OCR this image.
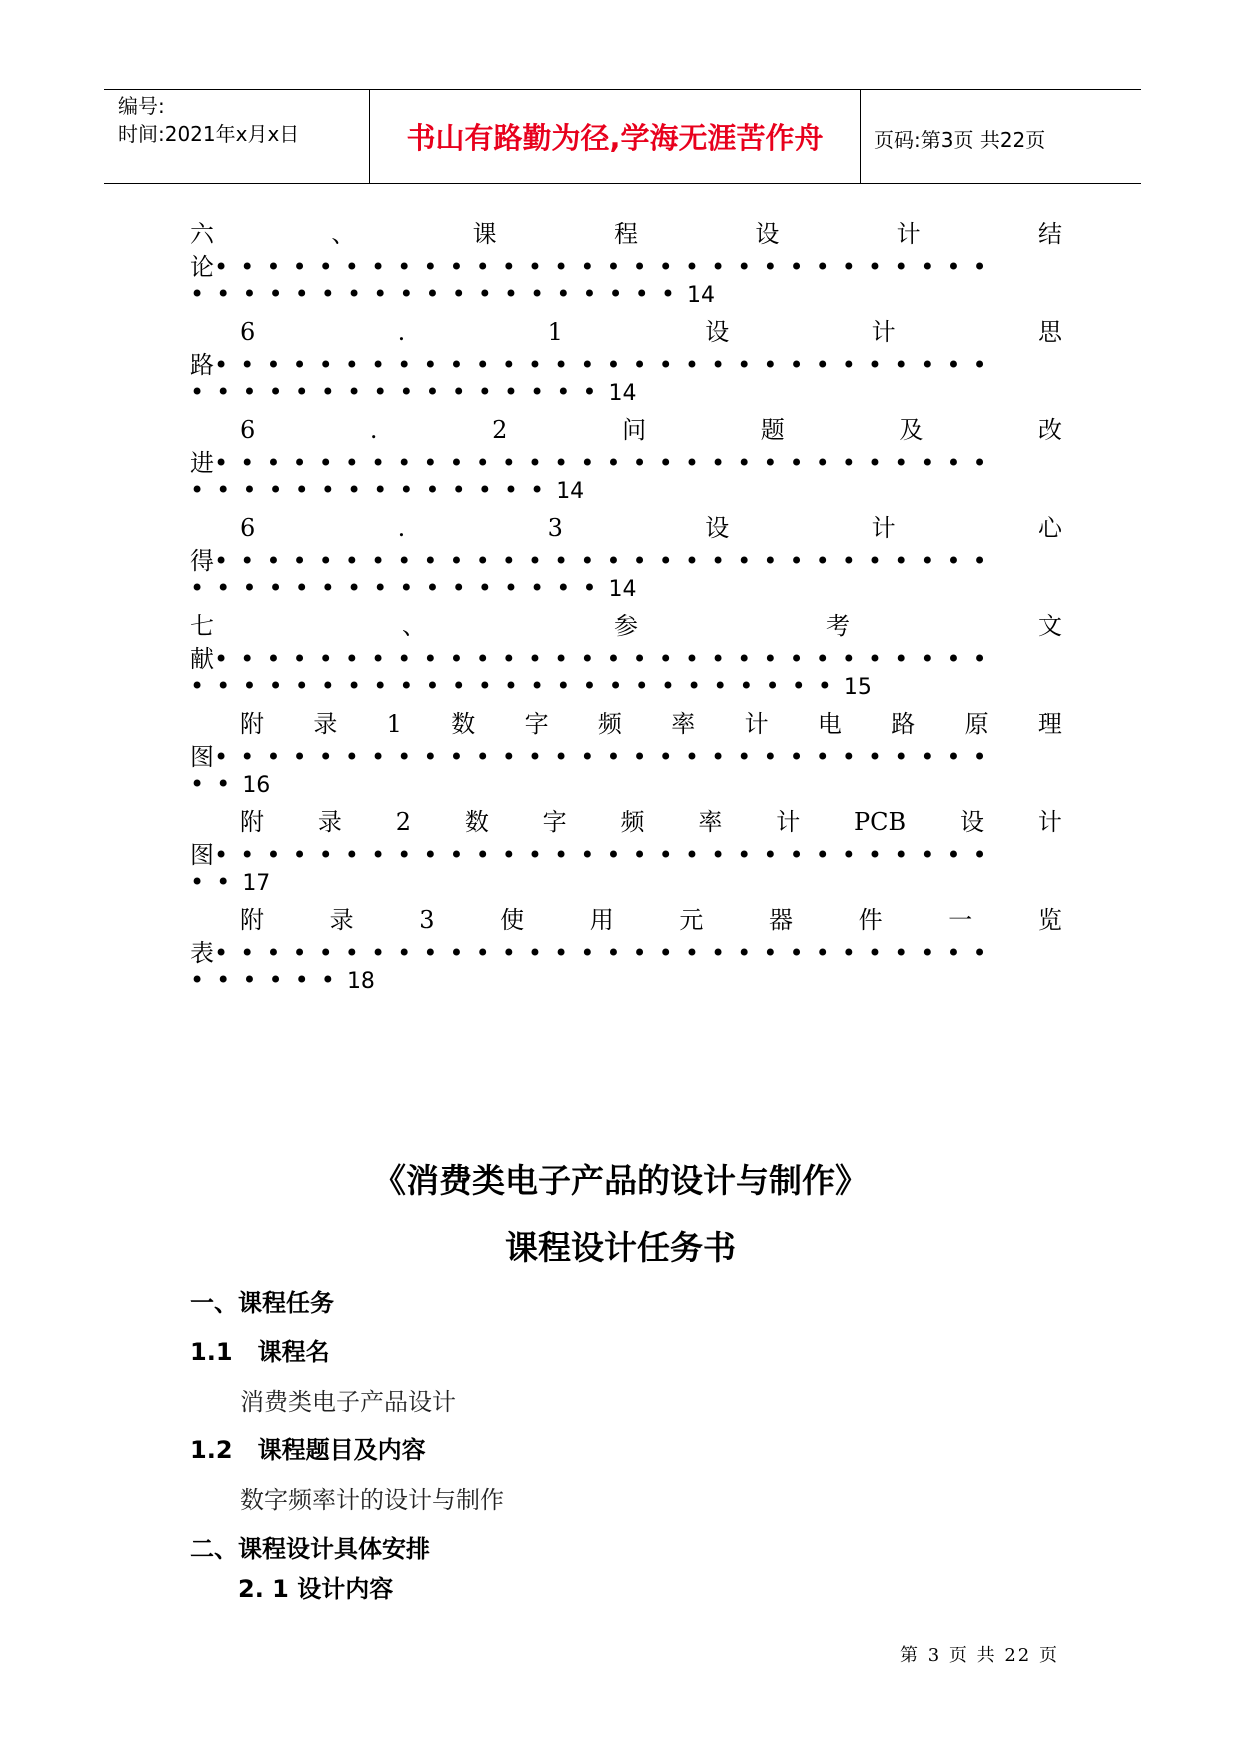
编号:
时间:2021年x月x日	书山有路勤为径,学海无涯苦作舟	页码:第3页 共22页
六	、	课	程	设	计	结
论••••••••••••••••••••••••••••••
•••••••••••••••••••14
6	.	1	设	计	思
路••••••••••••••••••••••••••••••
••••••••••••••••14
6	.	2	问	题	及	改
进••••••••••••••••••••••••••••••
••••••••••••••14
6	.	3	设	计	心
得••••••••••••••••••••••••••••••
••••••••••••••••14
七	、	参	考	文
献••••••••••••••••••••••••••••••
•••••••••••••••••••••••••15
附 录 1 数 字 频 率 计 电 路 原 理
图••••••••••••••••••••••••••••••
••16
附 录 2 数 字 频 率 计 PCB 设 计
图••••••••••••••••••••••••••••••
••17
附	录	3	使	用	元	器	件	一	览
表••••••••••••••••••••••••••••••
••••••18
《消费类电子产品的设计与制作》
课程设计任务书
一、课程任务
1.1   课程名
消费类电子产品设计
1.2   课程题目及内容
数字频率计的设计与制作
二、课程设计具体安排
2. 1 设计内容
第 3 页 共 22 页
